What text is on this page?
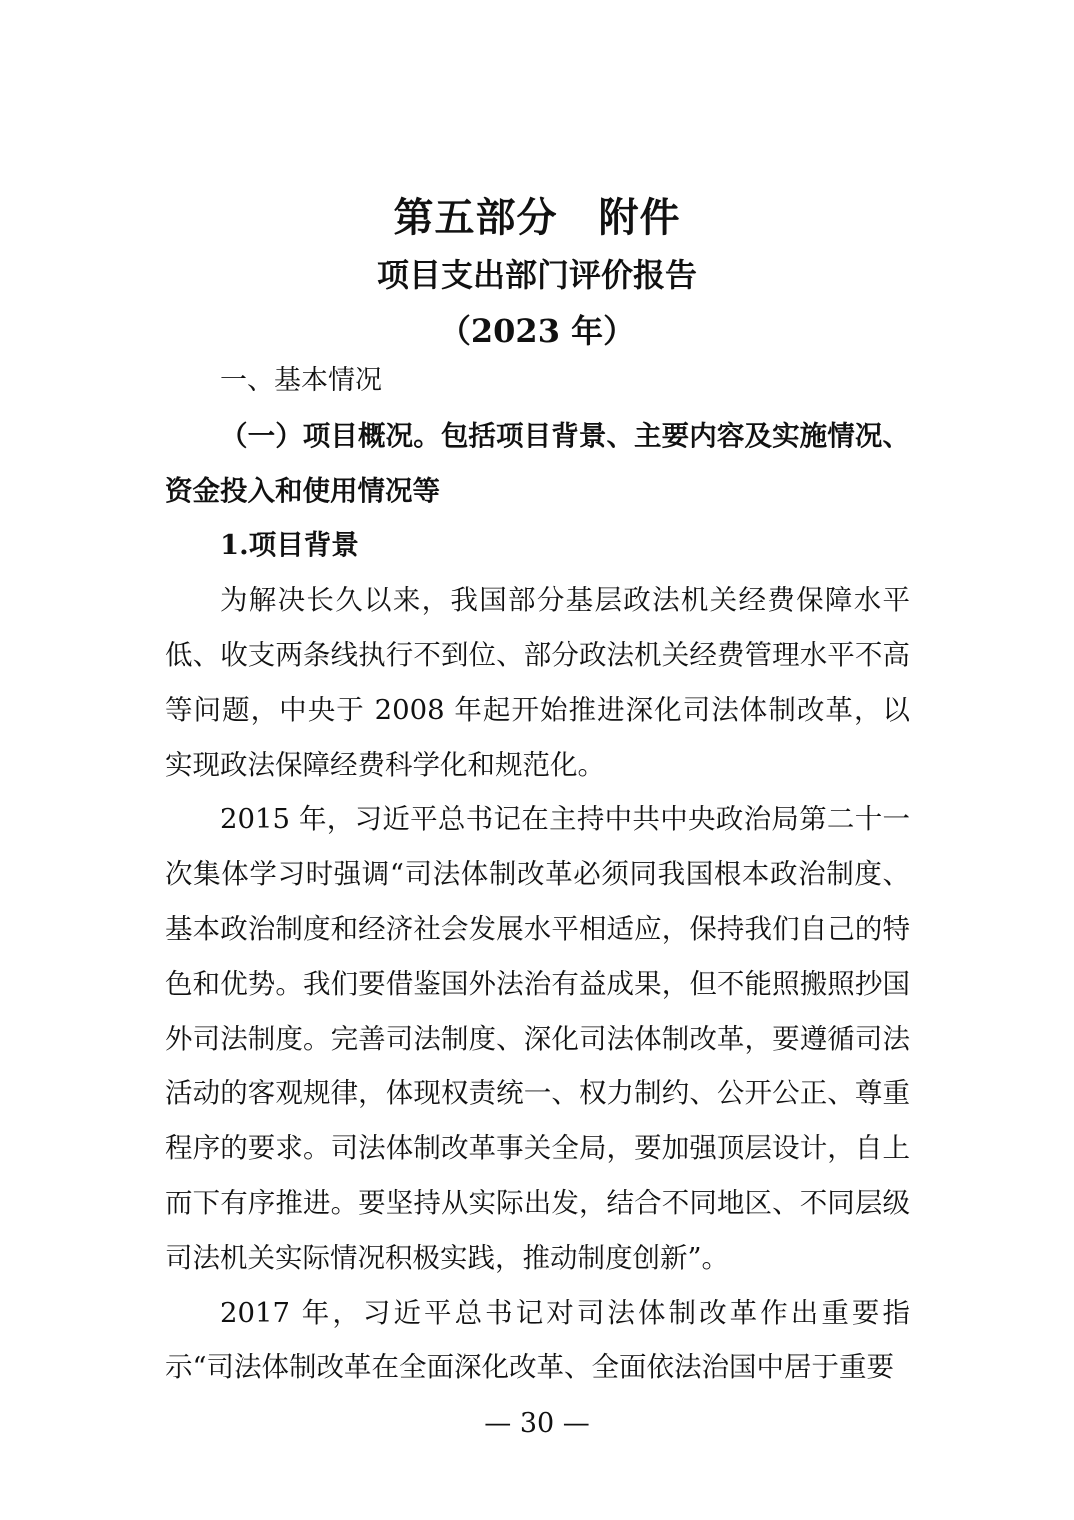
第五部分　附件
项目支出部门评价报告
（2023 年）

一、基本情况

（一）项目概况。包括项目背景、主要内容及实施情况、资金投入和使用情况等

1.项目背景

为解决长久以来，我国部分基层政法机关经费保障水平低、收支两条线执行不到位、部分政法机关经费管理水平不高等问题，中央于 2008 年起开始推进深化司法体制改革，以实现政法保障经费科学化和规范化。

2015 年，习近平总书记在主持中共中央政治局第二十一次集体学习时强调“司法体制改革必须同我国根本政治制度、基本政治制度和经济社会发展水平相适应，保持我们自己的特色和优势。我们要借鉴国外法治有益成果，但不能照搬照抄国外司法制度。完善司法制度、深化司法体制改革，要遵循司法活动的客观规律，体现权责统一、权力制约、公开公正、尊重程序的要求。司法体制改革事关全局，要加强顶层设计，自上而下有序推进。要坚持从实际出发，结合不同地区、不同层级司法机关实际情况积极实践，推动制度创新”。

2017 年，习近平总书记对司法体制改革作出重要指示“司法体制改革在全面深化改革、全面依法治国中居于重要

— 30 —
